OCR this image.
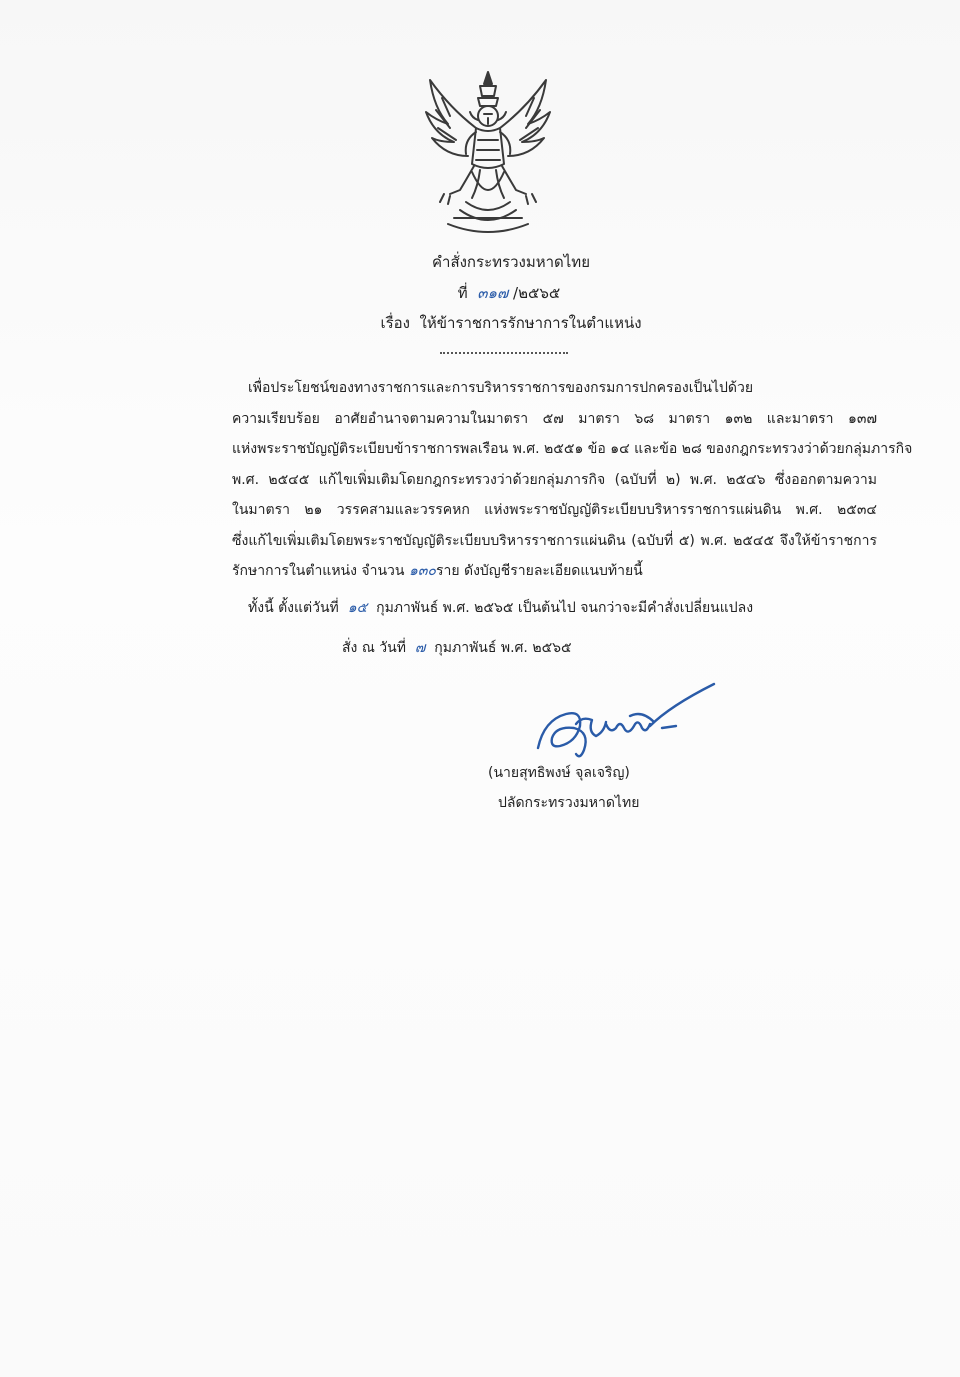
คำสั่งกระทรวงมหาดไทย
ที่ ๓๑๗ /๒๕๖๕
เรื่อง ให้ข้าราชการรักษาการในตำแหน่ง
เพื่อประโยชน์ของทางราชการและการบริหารราชการของกรมการปกครองเป็นไปด้วย
ความเรียบร้อย อาศัยอำนาจตามความในมาตรา ๕๗ มาตรา ๖๘ มาตรา ๑๓๒ และมาตรา ๑๓๗
แห่งพระราชบัญญัติระเบียบข้าราชการพลเรือน พ.ศ. ๒๕๕๑ ข้อ ๑๔ และข้อ ๒๘ ของกฎกระทรวงว่าด้วยกลุ่มภารกิจ
พ.ศ. ๒๕๔๕ แก้ไขเพิ่มเติมโดยกฎกระทรวงว่าด้วยกลุ่มภารกิจ (ฉบับที่ ๒) พ.ศ. ๒๕๔๖ ซึ่งออกตามความ
ในมาตรา ๒๑ วรรคสามและวรรคหก แห่งพระราชบัญญัติระเบียบบริหารราชการแผ่นดิน พ.ศ. ๒๕๓๔
ซึ่งแก้ไขเพิ่มเติมโดยพระราชบัญญัติระเบียบบริหารราชการแผ่นดิน (ฉบับที่ ๕) พ.ศ. ๒๕๔๕ จึงให้ข้าราชการ
รักษาการในตำแหน่ง จำนวน ๑๓๐ราย ดังบัญชีรายละเอียดแนบท้ายนี้
ทั้งนี้ ตั้งแต่วันที่ ๑๕ กุมภาพันธ์ พ.ศ. ๒๕๖๕ เป็นต้นไป จนกว่าจะมีคำสั่งเปลี่ยนแปลง
สั่ง ณ วันที่ ๗ กุมภาพันธ์ พ.ศ. ๒๕๖๕
(นายสุทธิพงษ์ จุลเจริญ)
ปลัดกระทรวงมหาดไทย
